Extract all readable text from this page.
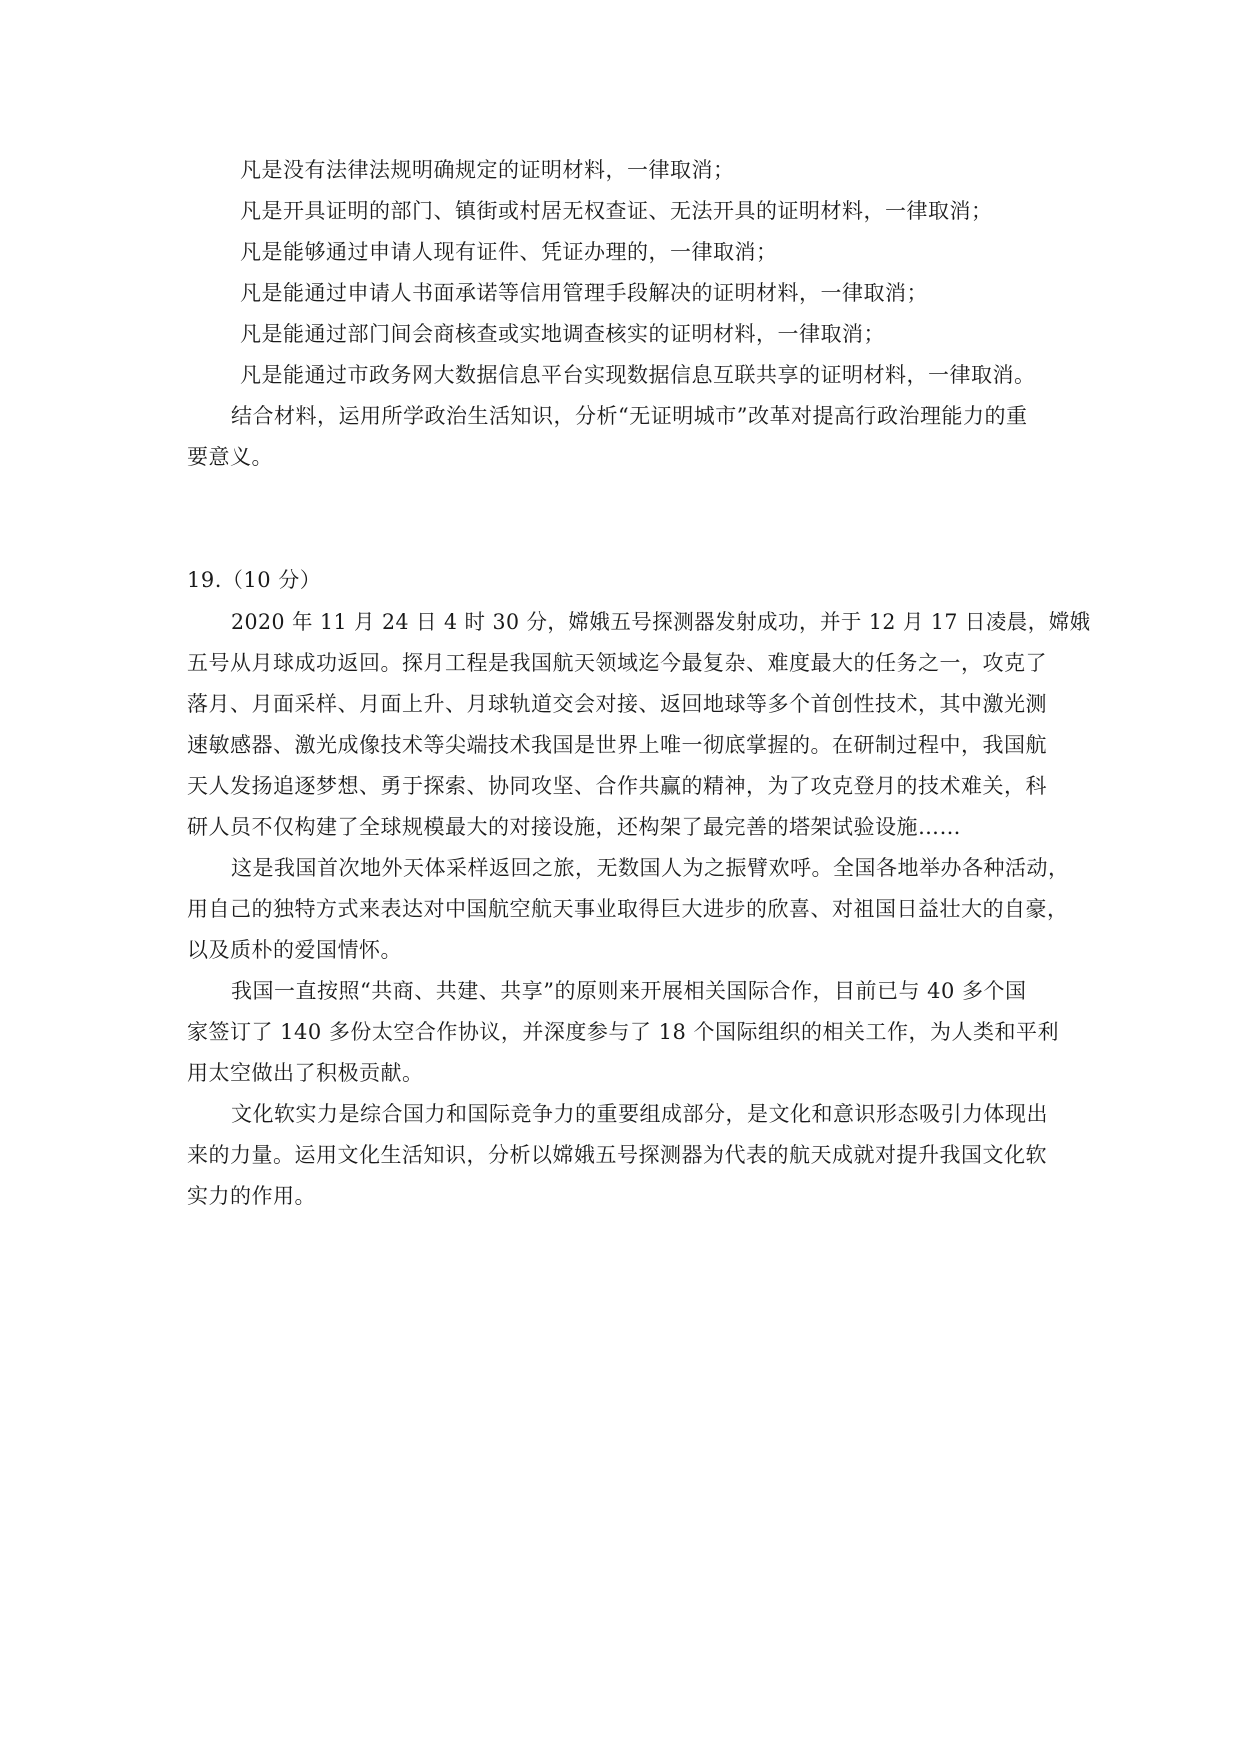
凡是没有法律法规明确规定的证明材料，一律取消；
凡是开具证明的部门、镇街或村居无权查证、无法开具的证明材料，一律取消；
凡是能够通过申请人现有证件、凭证办理的，一律取消；
凡是能通过申请人书面承诺等信用管理手段解决的证明材料，一律取消；
凡是能通过部门间会商核查或实地调查核实的证明材料，一律取消；
凡是能通过市政务网大数据信息平台实现数据信息互联共享的证明材料，一律取消。
结合材料，运用所学政治生活知识，分析“无证明城市”改革对提高行政治理能力的重
要意义。
19.（10 分）
2020 年 11 月 24 日 4 时 30 分，嫦娥五号探测器发射成功，并于 12 月 17 日凌晨，嫦娥
五号从月球成功返回。探月工程是我国航天领域迄今最复杂、难度最大的任务之一，攻克了
落月、月面采样、月面上升、月球轨道交会对接、返回地球等多个首创性技术，其中激光测
速敏感器、激光成像技术等尖端技术我国是世界上唯一彻底掌握的。在研制过程中，我国航
天人发扬追逐梦想、勇于探索、协同攻坚、合作共赢的精神，为了攻克登月的技术难关，科
研人员不仅构建了全球规模最大的对接设施，还构架了最完善的塔架试验设施……
这是我国首次地外天体采样返回之旅，无数国人为之振臂欢呼。全国各地举办各种活动，
用自己的独特方式来表达对中国航空航天事业取得巨大进步的欣喜、对祖国日益壮大的自豪，
以及质朴的爱国情怀。
我国一直按照“共商、共建、共享”的原则来开展相关国际合作，目前已与 40 多个国
家签订了 140 多份太空合作协议，并深度参与了 18 个国际组织的相关工作，为人类和平利
用太空做出了积极贡献。
文化软实力是综合国力和国际竞争力的重要组成部分，是文化和意识形态吸引力体现出
来的力量。运用文化生活知识，分析以嫦娥五号探测器为代表的航天成就对提升我国文化软
实力的作用。
